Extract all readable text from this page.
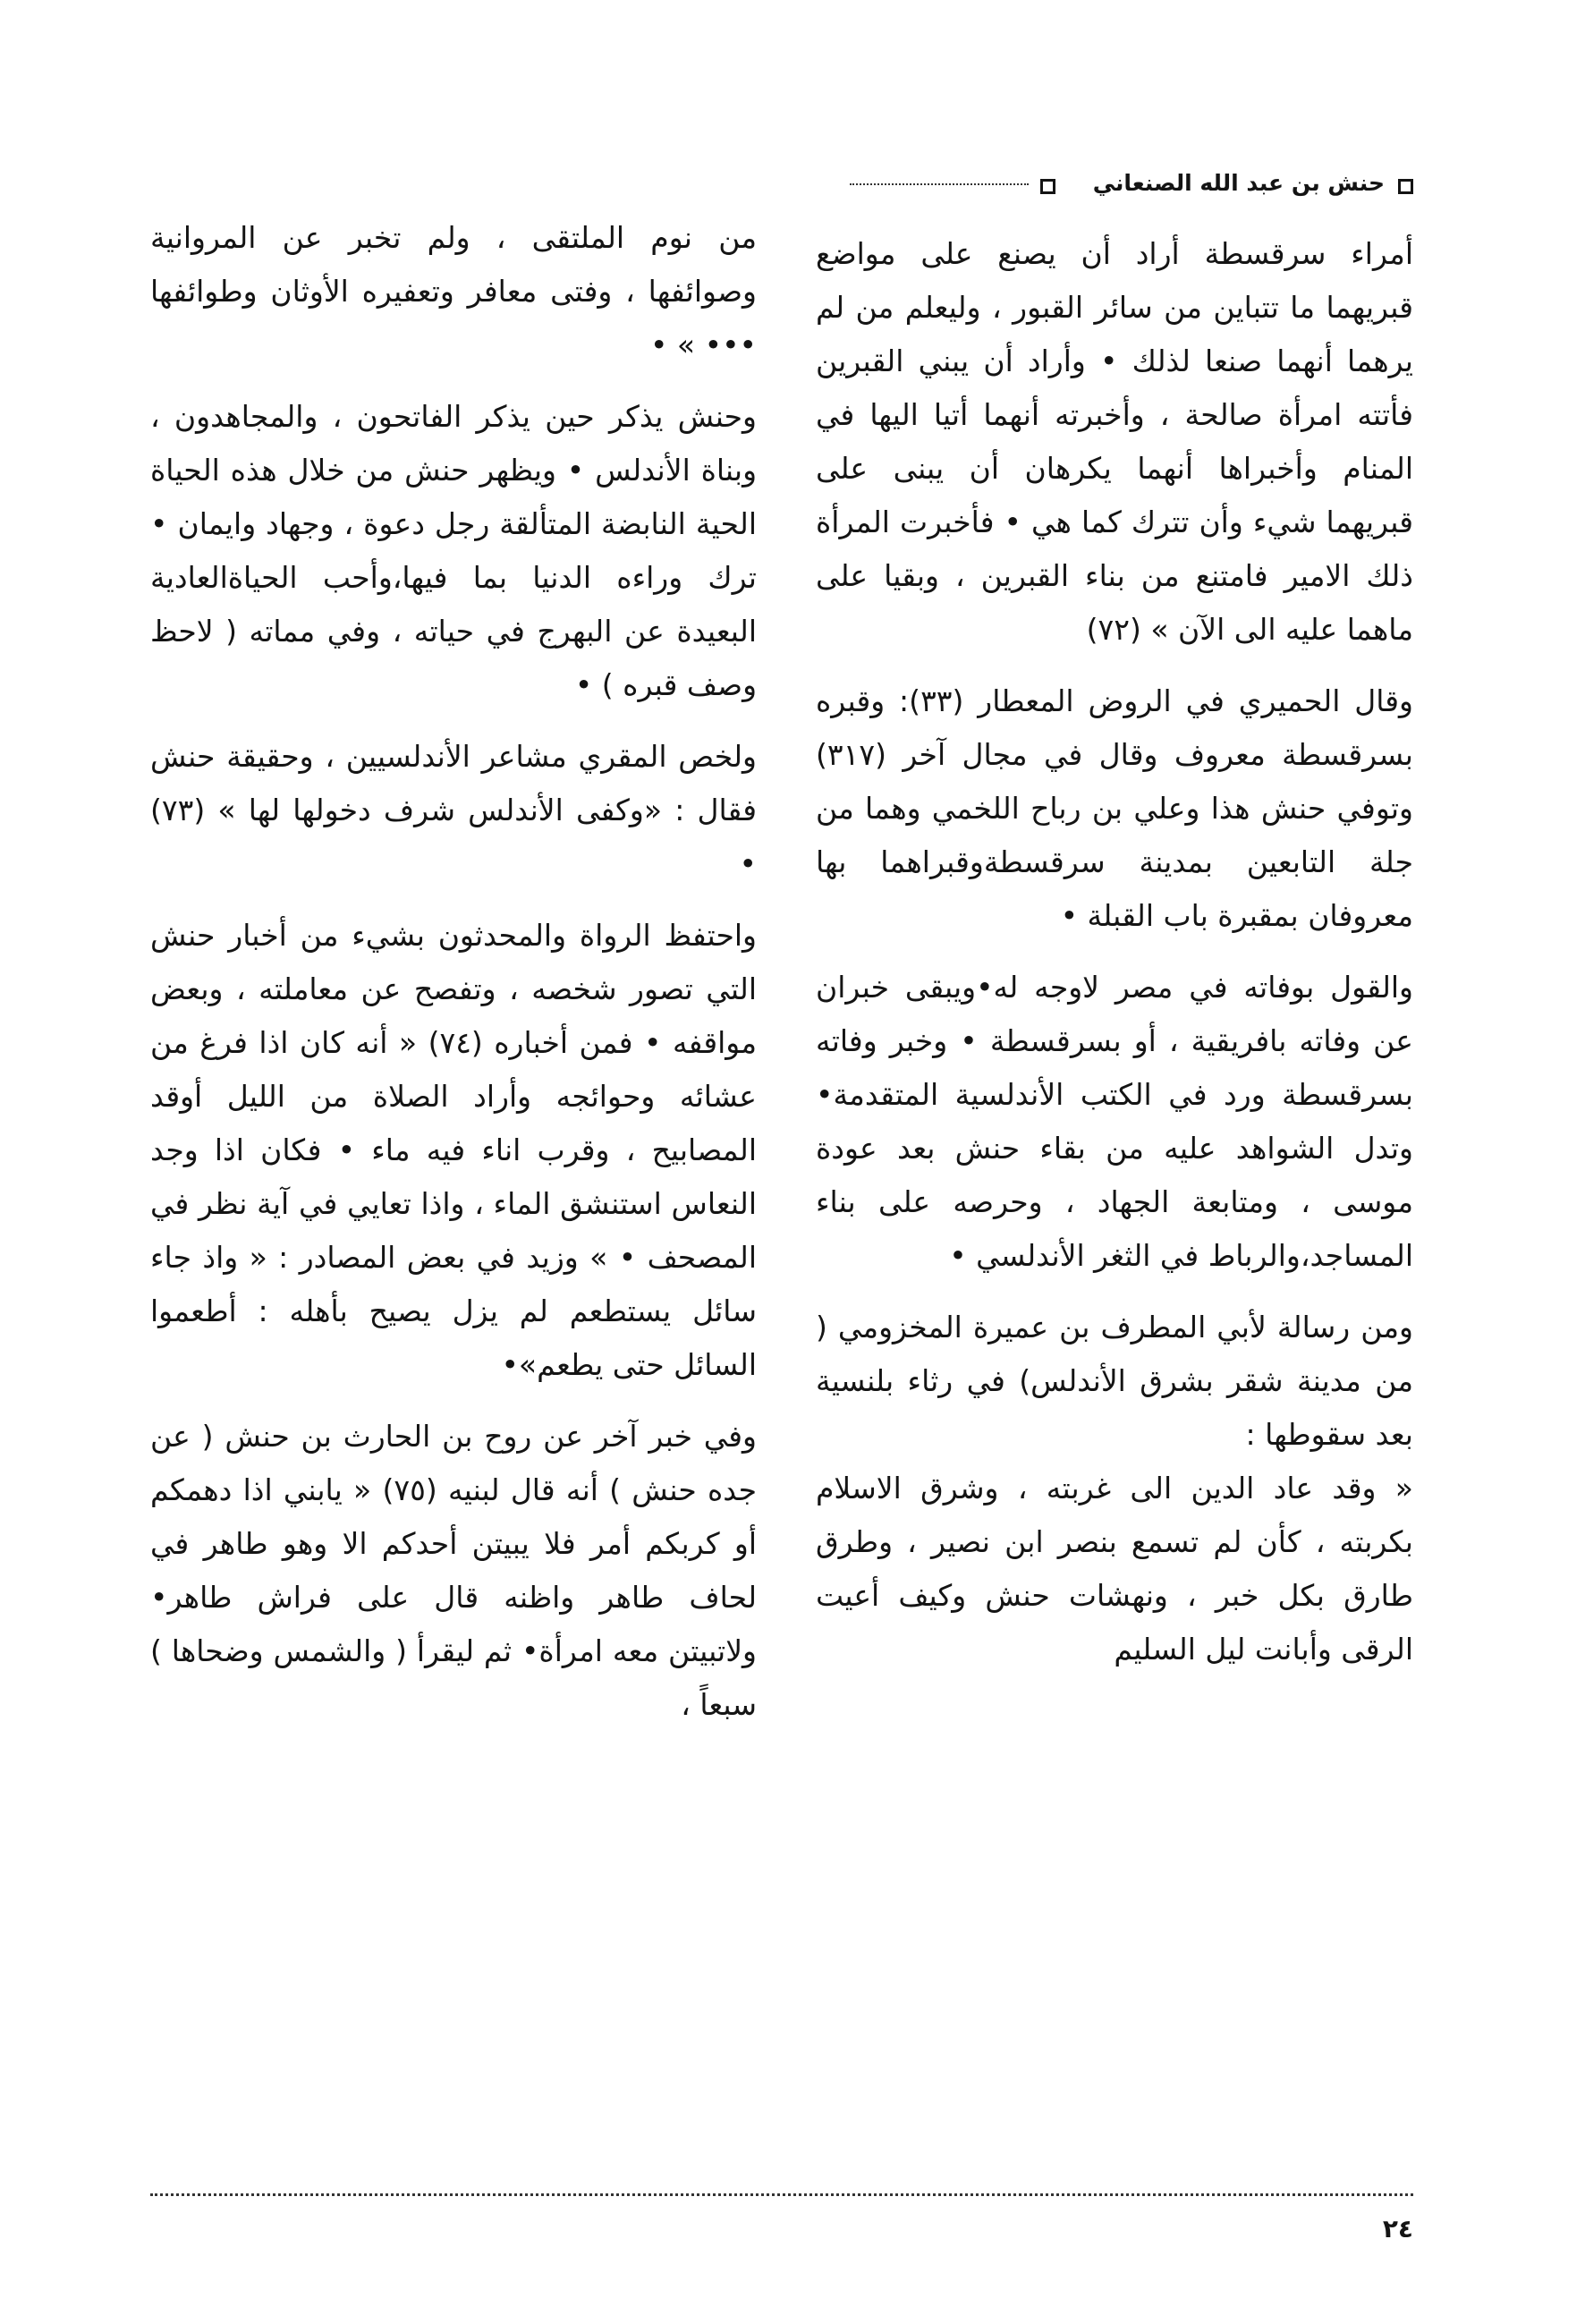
حنش بن عبد الله الصنعاني

أمراء سرقسطة أراد أن يصنع على مواضع قبريهما ما تتباين من سائر القبور ، وليعلم من لم يرهما أنهما صنعا لذلك • وأراد أن يبني القبرين فأتته امرأة صالحة ، وأخبرته أنهما أتيا اليها في المنام وأخبراها أنهما يكرهان أن يبنى على قبريهما شيء وأن تترك كما هي • فأخبرت المرأة ذلك الامير فامتنع من بناء القبرين ، وبقيا على ماهما عليه الى الآن » (٧٢)

وقال الحميري في الروض المعطار (٣٣): وقبره بسرقسطة معروف وقال في مجال آخر (٣١٧) وتوفي حنش هذا وعلي بن رباح اللخمي وهما من جلة التابعين بمدينة سرقسطةوقبراهما بها معروفان بمقبرة باب القبلة •

والقول بوفاته في مصر لاوجه له•ويبقى خبران عن وفاته بافريقية ، أو بسرقسطة • وخبر وفاته بسرقسطة ورد في الكتب الأندلسية المتقدمة• وتدل الشواهد عليه من بقاء حنش بعد عودة موسى ، ومتابعة الجهاد ، وحرصه على بناء المساجد،والرباط في الثغر الأندلسي •

ومن رسالة لأبي المطرف بن عميرة المخزومي ( من مدينة شقر بشرق الأندلس) في رثاء بلنسية بعد سقوطها :

« وقد عاد الدين الى غربته ، وشرق الاسلام بكربته ، كأن لم تسمع بنصر ابن نصير ، وطرق طارق بكل خبر ، ونهشات حنش وكيف أعيت الرقى وأبانت ليل السليم

من نوم الملتقى ، ولم تخبر عن المروانية وصوائفها ، وفتى معافر وتعفيره الأوثان وطوائفها ••• » •

وحنش يذكر حين يذكر الفاتحون ، والمجاهدون ، وبناة الأندلس • ويظهر حنش من خلال هذه الحياة الحية النابضة المتألقة رجل دعوة ، وجهاد وايمان • ترك وراءه الدنيا بما فيها،وأحب الحياةالعادية البعيدة عن البهرج في حياته ، وفي مماته ( لاحظ وصف قبره ) •

ولخص المقري مشاعر الأندلسيين ، وحقيقة حنش فقال : «وكفى الأندلس شرف دخولها لها » (٧٣) •

واحتفظ الرواة والمحدثون بشيء من أخبار حنش التي تصور شخصه ، وتفصح عن معاملته ، وبعض مواقفه • فمن أخباره (٧٤) « أنه كان اذا فرغ من عشائه وحوائجه وأراد الصلاة من الليل أوقد المصابيح ، وقرب اناء فيه ماء • فكان اذا وجد النعاس استنشق الماء ، واذا تعايي في آية نظر في المصحف • » وزيد في بعض المصادر : « واذ جاء سائل يستطعم لم يزل يصيح بأهله : أطعموا السائل حتى يطعم»•

وفي خبر آخر عن روح بن الحارث بن حنش ( عن جده حنش ) أنه قال لبنيه (٧٥) « يابني اذا دهمكم أو كربكم أمر فلا يبيتن أحدكم الا وهو طاهر في لحاف طاهر واظنه قال على فراش طاهر• ولاتبيتن معه امرأة• ثم ليقرأ ( والشمس وضحاها ) سبعاً ،

٢٤
